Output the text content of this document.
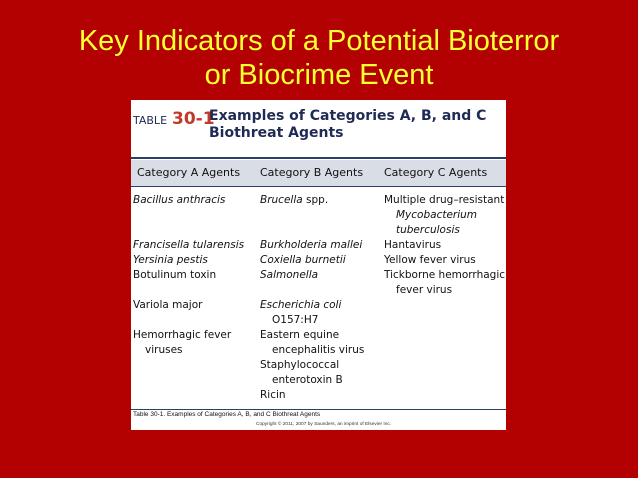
Key Indicators of a Potential Bioterror
or Biocrime Event
TABLE 30-1
Examples of Categories A, B, and C
Biothreat Agents
Category A Agents Category B Agents Category C Agents
Bacillus anthracis
Francisella tularensis
Yersinia pestis
Botulinum toxin
Variola major
Hemorrhagic fever
viruses
Brucella spp.
Burkholderia mallei
Coxiella burnetii
Salmonella
Escherichia coli
O157:H7
Eastern equine
encephalitis virus
Staphylococcal
enterotoxin B
Ricin
Multiple drug–resistant
Mycobacterium
tuberculosis
Hantavirus
Yellow fever virus
Tickborne hemorrhagic
fever virus
Table 30-1. Examples of Categories A, B, and C Biothreat Agents
Copyright © 2011, 2007 by Saunders, an imprint of Elsevier Inc.
